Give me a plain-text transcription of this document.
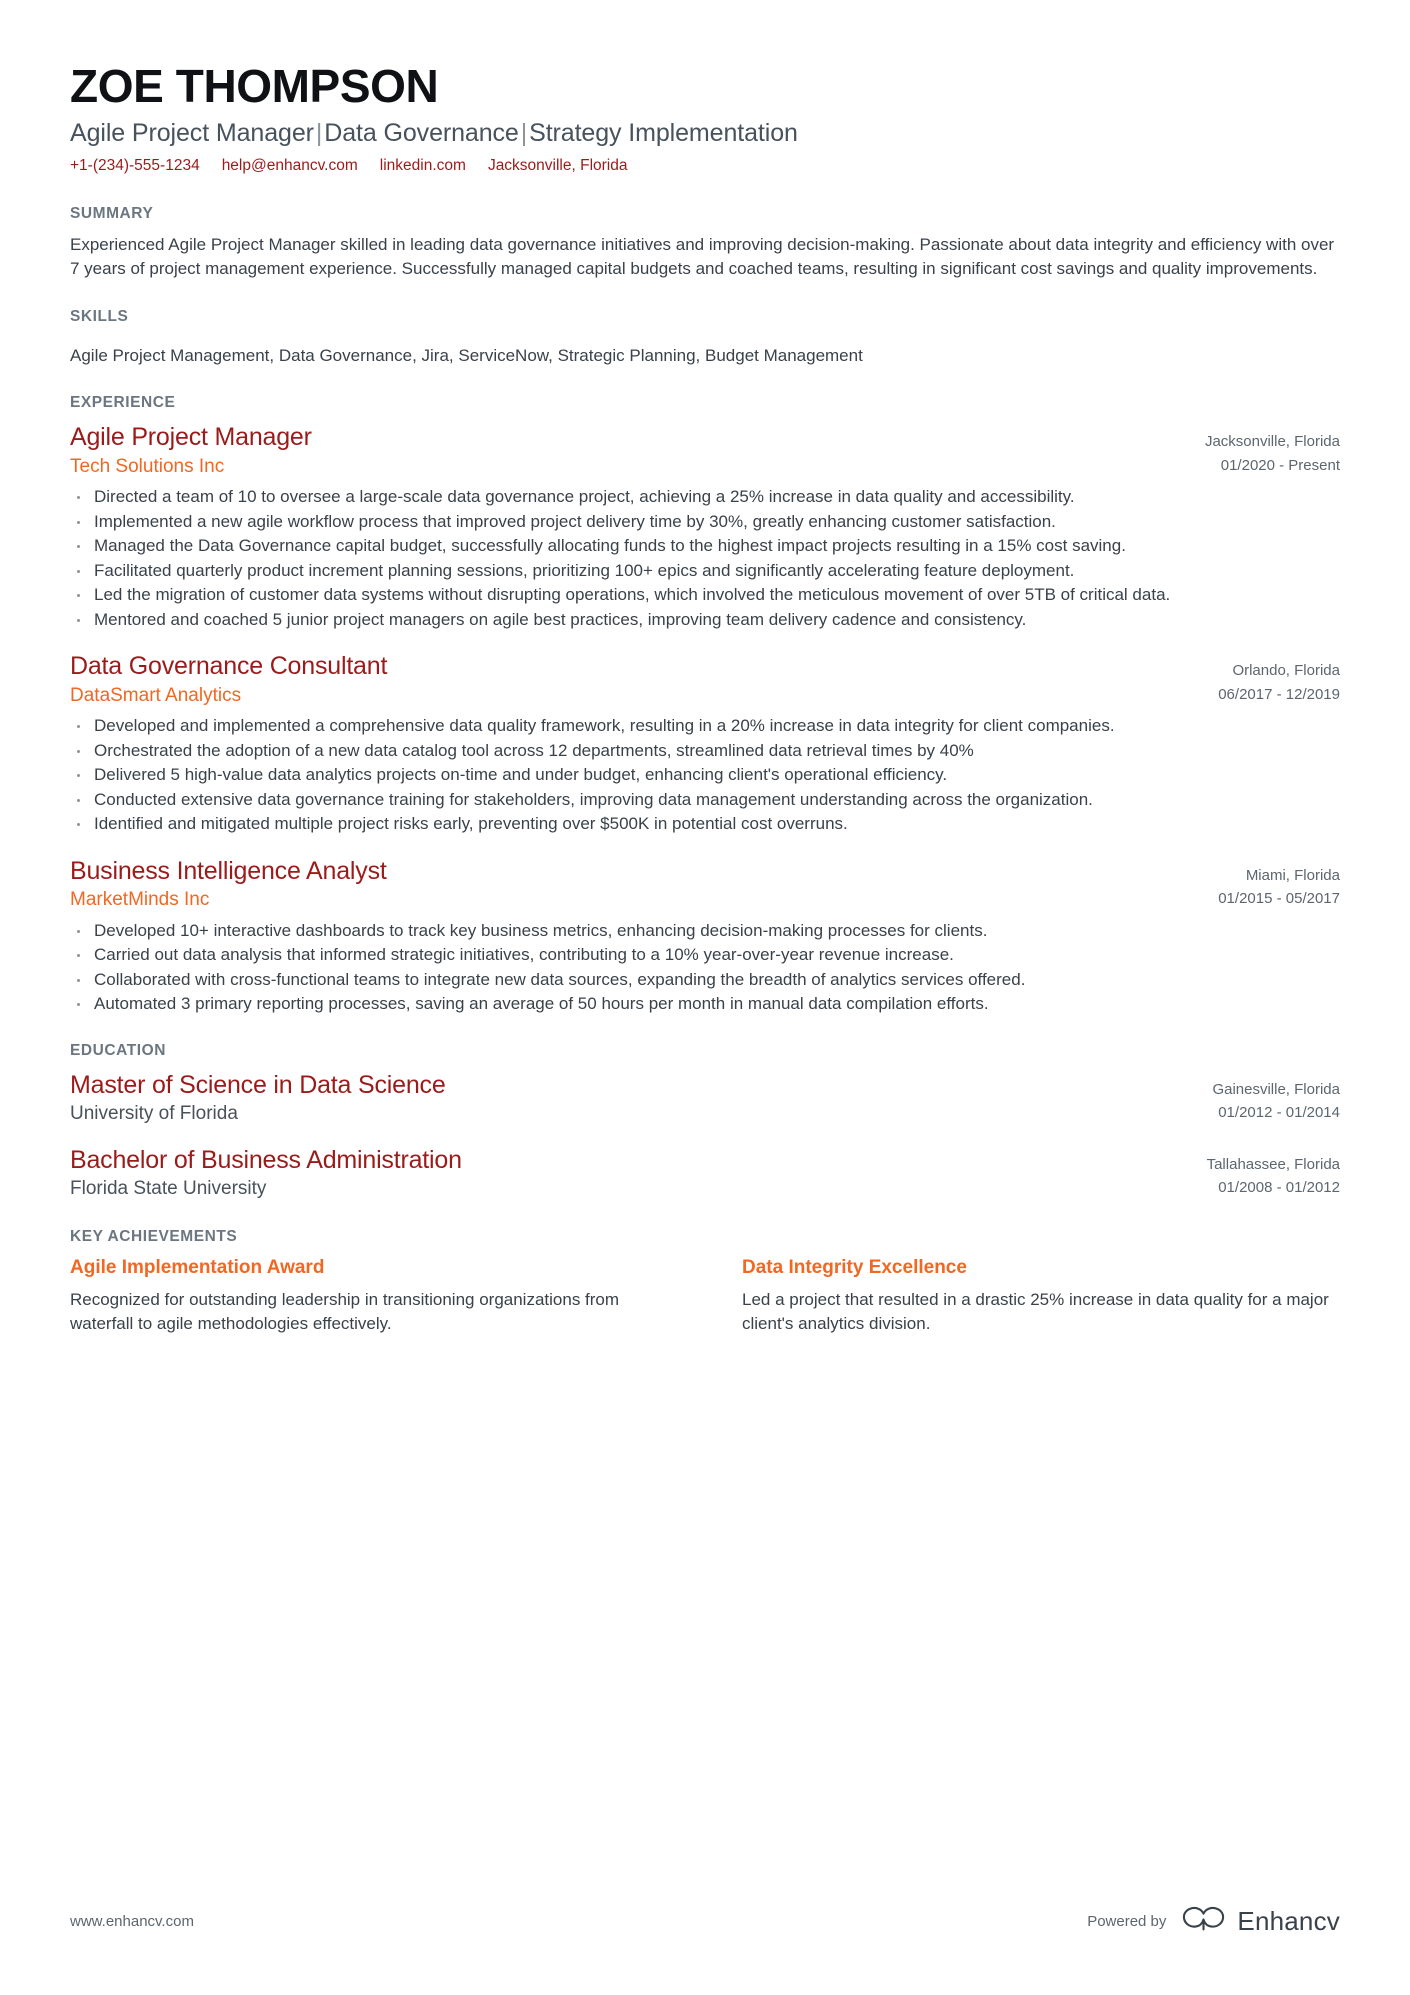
ZOE THOMPSON
Agile Project Manager|Data Governance|Strategy Implementation
+1-(234)-555-1234 help@enhancv.com linkedin.com Jacksonville, Florida
SUMMARY

Experienced Agile Project Manager skilled in leading data governance initiatives and improving decision-making. Passionate about data integrity and efficiency with over 7 years of project management experience. Successfully managed capital budgets and coached teams, resulting in significant cost savings and quality improvements.

SKILLS

Agile Project Management, Data Governance, Jira, ServiceNow, Strategic Planning, Budget Management

EXPERIENCE
Agile Project Manager
Tech Solutions Inc
Jacksonville, Florida
01/2020 - Present
Directed a team of 10 to oversee a large-scale data governance project, achieving a 25% increase in data quality and accessibility.
Implemented a new agile workflow process that improved project delivery time by 30%, greatly enhancing customer satisfaction.
Managed the Data Governance capital budget, successfully allocating funds to the highest impact projects resulting in a 15% cost saving.
Facilitated quarterly product increment planning sessions, prioritizing 100+ epics and significantly accelerating feature deployment.
Led the migration of customer data systems without disrupting operations, which involved the meticulous movement of over 5TB of critical data.
Mentored and coached 5 junior project managers on agile best practices, improving team delivery cadence and consistency.
Data Governance Consultant
DataSmart Analytics
Orlando, Florida
06/2017 - 12/2019
Developed and implemented a comprehensive data quality framework, resulting in a 20% increase in data integrity for client companies.
Orchestrated the adoption of a new data catalog tool across 12 departments, streamlined data retrieval times by 40%
Delivered 5 high-value data analytics projects on-time and under budget, enhancing client's operational efficiency.
Conducted extensive data governance training for stakeholders, improving data management understanding across the organization.
Identified and mitigated multiple project risks early, preventing over $500K in potential cost overruns.
Business Intelligence Analyst
MarketMinds Inc
Miami, Florida
01/2015 - 05/2017
Developed 10+ interactive dashboards to track key business metrics, enhancing decision-making processes for clients.
Carried out data analysis that informed strategic initiatives, contributing to a 10% year-over-year revenue increase.
Collaborated with cross-functional teams to integrate new data sources, expanding the breadth of analytics services offered.
Automated 3 primary reporting processes, saving an average of 50 hours per month in manual data compilation efforts.
EDUCATION
Master of Science in Data Science
University of Florida
Gainesville, Florida
01/2012 - 01/2014
Bachelor of Business Administration
Florida State University
Tallahassee, Florida
01/2008 - 01/2012
KEY ACHIEVEMENTS
Agile Implementation Award

Recognized for outstanding leadership in transitioning organizations from waterfall to agile methodologies effectively.

Data Integrity Excellence

Led a project that resulted in a drastic 25% increase in data quality for a major client's analytics division.

www.enhancv.com	Powered by	Enhancv
